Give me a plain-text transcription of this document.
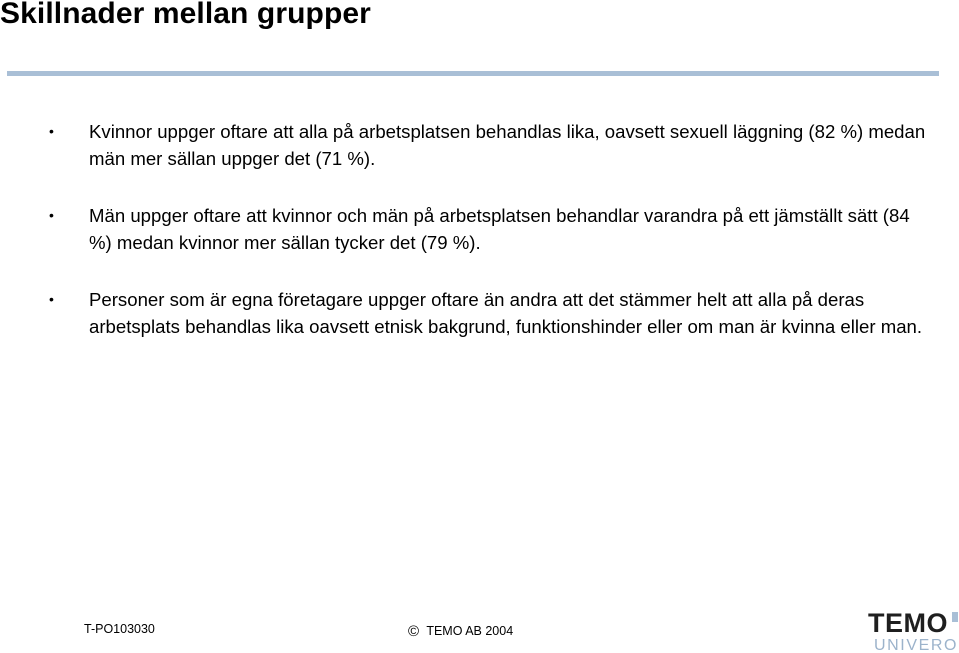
Skillnader mellan grupper
• Kvinnor uppger oftare att alla på arbetsplatsen behandlas lika, oavsett sexuell läggning (82 %) medan män mer sällan uppger det (71 %).
• Män uppger oftare att kvinnor och män på arbetsplatsen behandlar varandra på ett jämställt sätt (84 %) medan kvinnor mer sällan tycker det (79 %).
• Personer som är egna företagare uppger oftare än andra att det stämmer helt att alla på deras arbetsplats behandlas lika oavsett etnisk bakgrund, funktionshinder eller om man är kvinna eller man.
T-PO103030	© TEMO AB 2004	TEMO
UNIVERO
